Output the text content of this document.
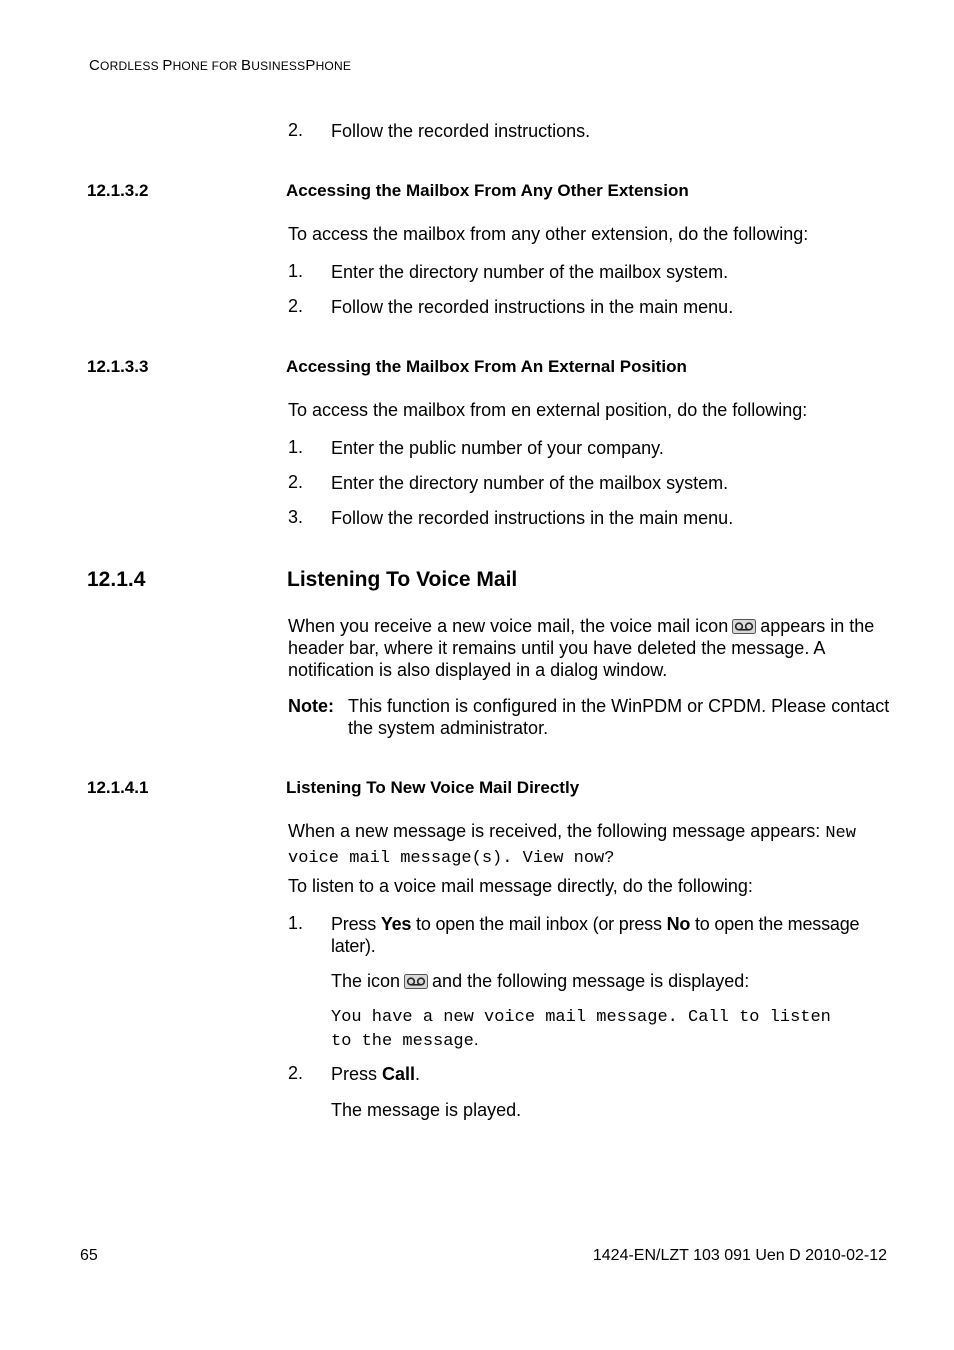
CORDLESS PHONE FOR BUSINESSPHONE
2. Follow the recorded instructions.
12.1.3.2	Accessing the Mailbox From Any Other Extension
To access the mailbox from any other extension, do the following:
1. Enter the directory number of the mailbox system.
2. Follow the recorded instructions in the main menu.
12.1.3.3	Accessing the Mailbox From An External Position
To access the mailbox from en external position, do the following:
1. Enter the public number of your company.
2. Enter the directory number of the mailbox system.
3. Follow the recorded instructions in the main menu.
12.1.4	Listening To Voice Mail
When you receive a new voice mail, the voice mail icon appears in the header bar, where it remains until you have deleted the message. A notification is also displayed in a dialog window.
Note: This function is configured in the WinPDM or CPDM. Please contact the system administrator.
12.1.4.1	Listening To New Voice Mail Directly
When a new message is received, the following message appears: New
voice mail message(s). View now?
To listen to a voice mail message directly, do the following:
1. Press Yes to open the mail inbox (or press No to open the message later).
The icon and the following message is displayed:
You have a new voice mail message. Call to listen
to the message.
2. Press Call.
The message is played.
65	1424-EN/LZT 103 091 Uen D 2010-02-12
